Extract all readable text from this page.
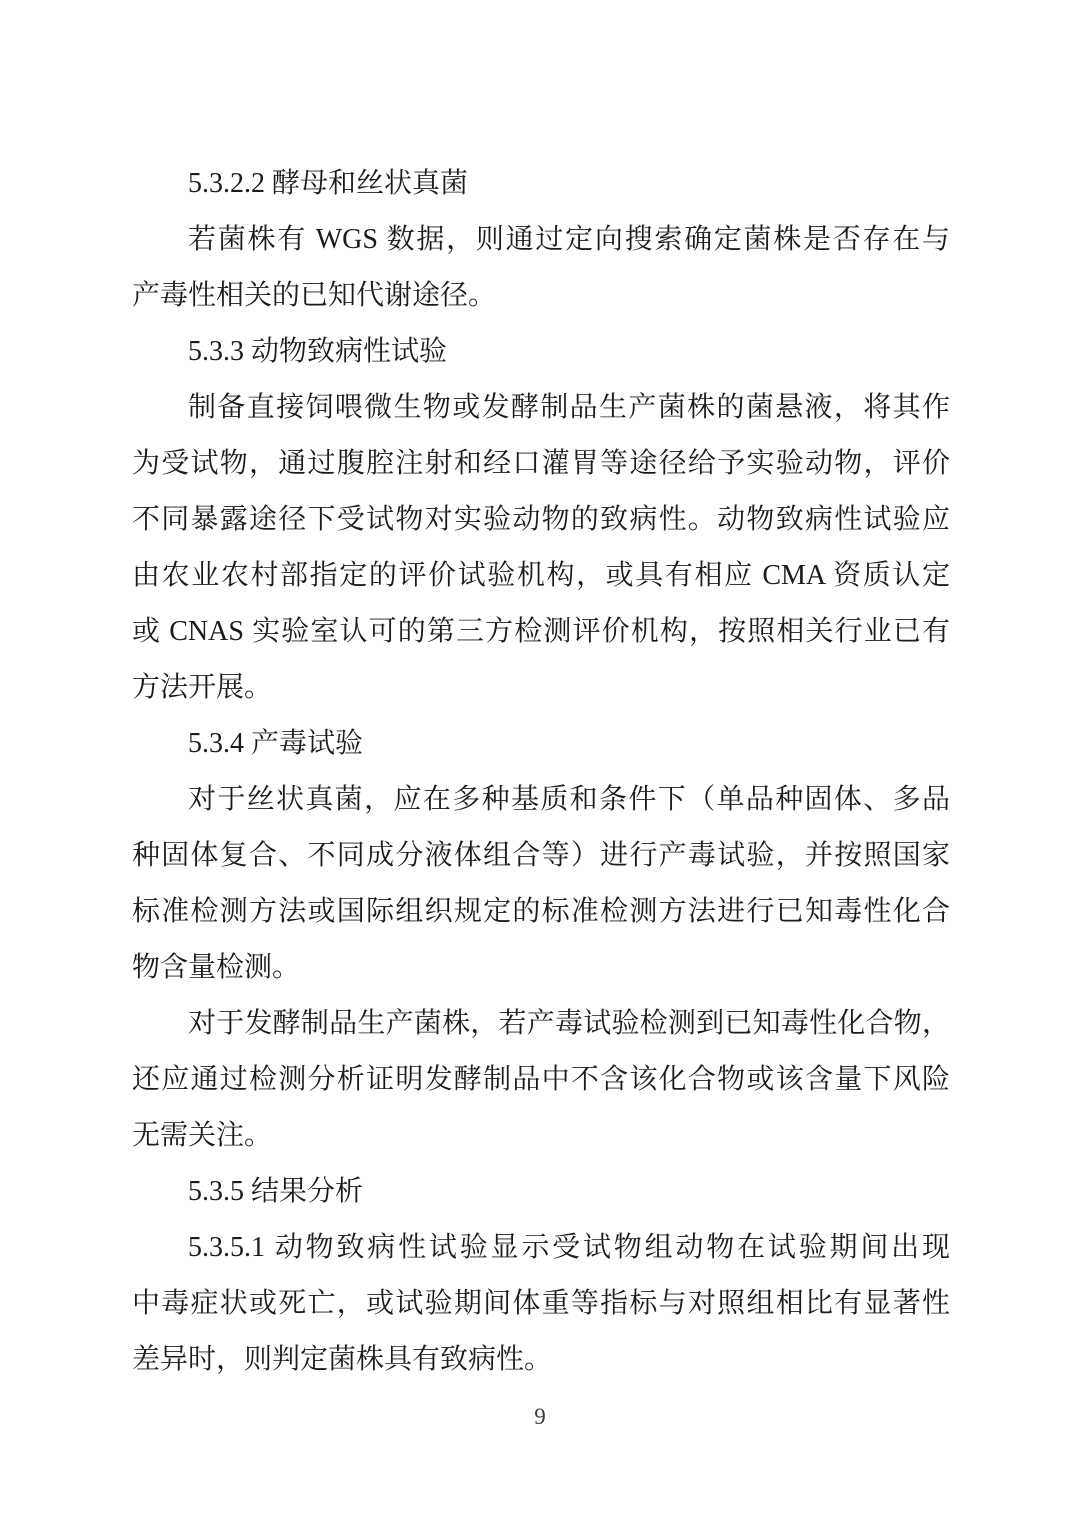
5.3.2.2 酵母和丝状真菌
若菌株有 WGS 数据，则通过定向搜索确定菌株是否存在与
产毒性相关的已知代谢途径。
5.3.3 动物致病性试验
制备直接饲喂微生物或发酵制品生产菌株的菌悬液，将其作
为受试物，通过腹腔注射和经口灌胃等途径给予实验动物，评价
不同暴露途径下受试物对实验动物的致病性。动物致病性试验应
由农业农村部指定的评价试验机构，或具有相应 CMA 资质认定
或 CNAS 实验室认可的第三方检测评价机构，按照相关行业已有
方法开展。
5.3.4 产毒试验
对于丝状真菌，应在多种基质和条件下（单品种固体、多品
种固体复合、不同成分液体组合等）进行产毒试验，并按照国家
标准检测方法或国际组织规定的标准检测方法进行已知毒性化合
物含量检测。
对于发酵制品生产菌株，若产毒试验检测到已知毒性化合物，
还应通过检测分析证明发酵制品中不含该化合物或该含量下风险
无需关注。
5.3.5 结果分析
5.3.5.1 动物致病性试验显示受试物组动物在试验期间出现
中毒症状或死亡，或试验期间体重等指标与对照组相比有显著性
差异时，则判定菌株具有致病性。
9
